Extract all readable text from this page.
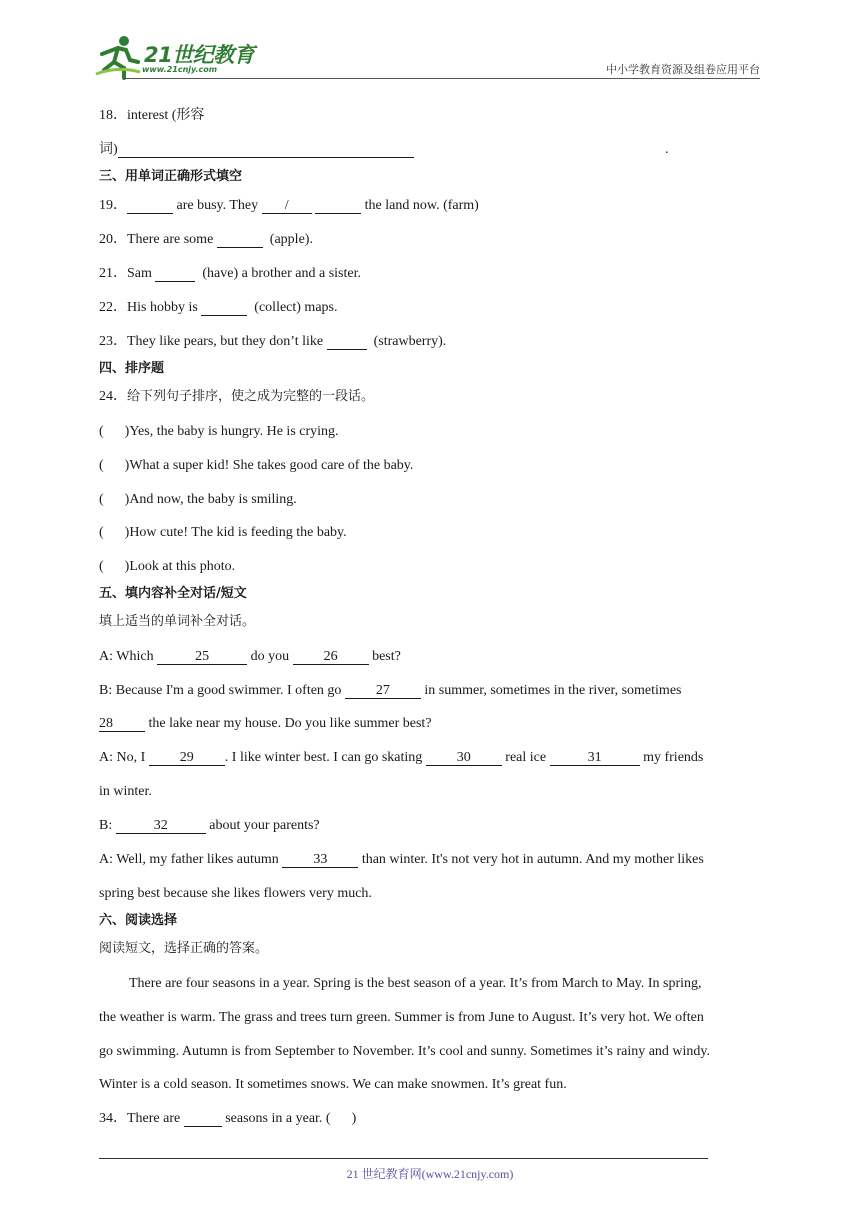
21世纪教育
www.21cnjy.com	中小学教育资源及组卷应用平台
18．interest (形容
词)	.
三、用单词正确形式填空
19．	are busy. They /	the land now. (farm)
20．There are some	(apple).
21．Sam	(have) a brother and a sister.
22．His hobby is	(collect) maps.
23．They like pears, but they don’t like	(strawberry).
四、排序题
24．给下列句子排序，使之成为完整的一段话。
(      )Yes, the baby is hungry. He is crying.
(      )What a super kid! She takes good care of the baby.
(      )And now, the baby is smiling.
(      )How cute! The kid is feeding the baby.
(      )Look at this photo.
五、填内容补全对话/短文
填上适当的单词补全对话。
A: Which	25	do you 26 best?
B: Because I'm a good swimmer. I often go 27 in summer, sometimes in the river, sometimes
28 the lake near my house. Do you like summer best?
A: No, I 29 . I like winter best. I can go skating 30 real ice	31	my friends
in winter.
B:	32	about your parents?
A: Well, my father likes autumn 33 than winter. It's not very hot in autumn. And my mother likes
spring best because she likes flowers very much.
六、阅读选择
阅读短文，选择正确的答案。
There are four seasons in a year. Spring is the best season of a year. It’s from March to May. In spring,
the weather is warm. The grass and trees turn green. Summer is from June to August. It’s very hot. We often
go swimming. Autumn is from September to November. It’s cool and sunny. Sometimes it’s rainy and windy.
Winter is a cold season. It sometimes snows. We can make snowmen. It’s great fun.
34．There are	seasons in a year. (      )
21 世纪教育网(www.21cnjy.com)
